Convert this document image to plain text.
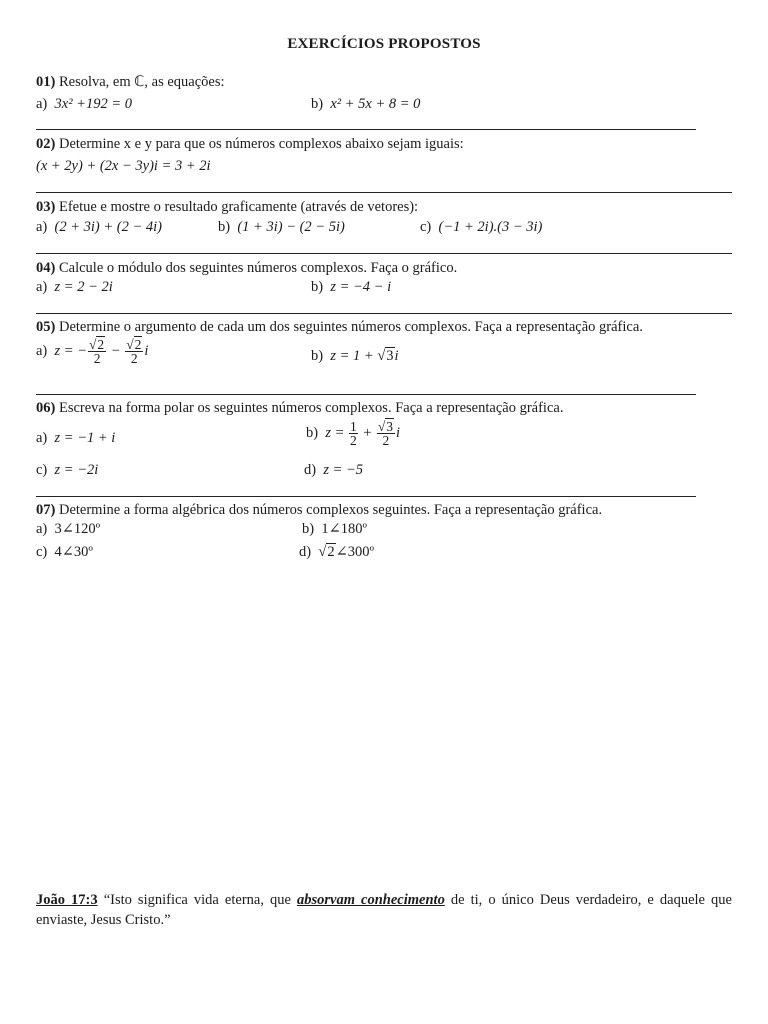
EXERCÍCIOS PROPOSTOS
01) Resolva, em ℂ, as equações:
a) 3x² +192 = 0	b) x² + 5x + 8 = 0
02) Determine x e y para que os números complexos abaixo sejam iguais:
(x + 2y) + (2x − 3y)i = 3 + 2i
03) Efetue e mostre o resultado graficamente (através de vetores):
a) (2 + 3i) + (2 − 4i)	b) (1 + 3i) − (2 − 5i)	c) (−1 + 2i).(3 − 3i)
04) Calcule o módulo dos seguintes números complexos. Faça o gráfico.
a) z = 2 − 2i	b) z = −4 − i
05) Determine o argumento de cada um dos seguintes números complexos. Faça a representação gráfica.
a) z = − $\frac{√2}{2} - \frac{√2}{2}$ i	b) z = 1 + √3i
06) Escreva na forma polar os seguintes números complexos. Faça a representação gráfica.
a) z = −1 + i	b) $z = \frac{1}{2} + \frac{√3}{2}$ i
c) z = −2i	d) z = −5
07) Determine a forma algébrica dos números complexos seguintes. Faça a representação gráfica.
a) 3∠120º	b) 1∠180º
c) 4∠30º	d) √2∠300º
João 17:3 “Isto significa vida eterna, que absorvam conhecimento de ti, o único Deus verdadeiro, e daquele que enviaste, Jesus Cristo.”
